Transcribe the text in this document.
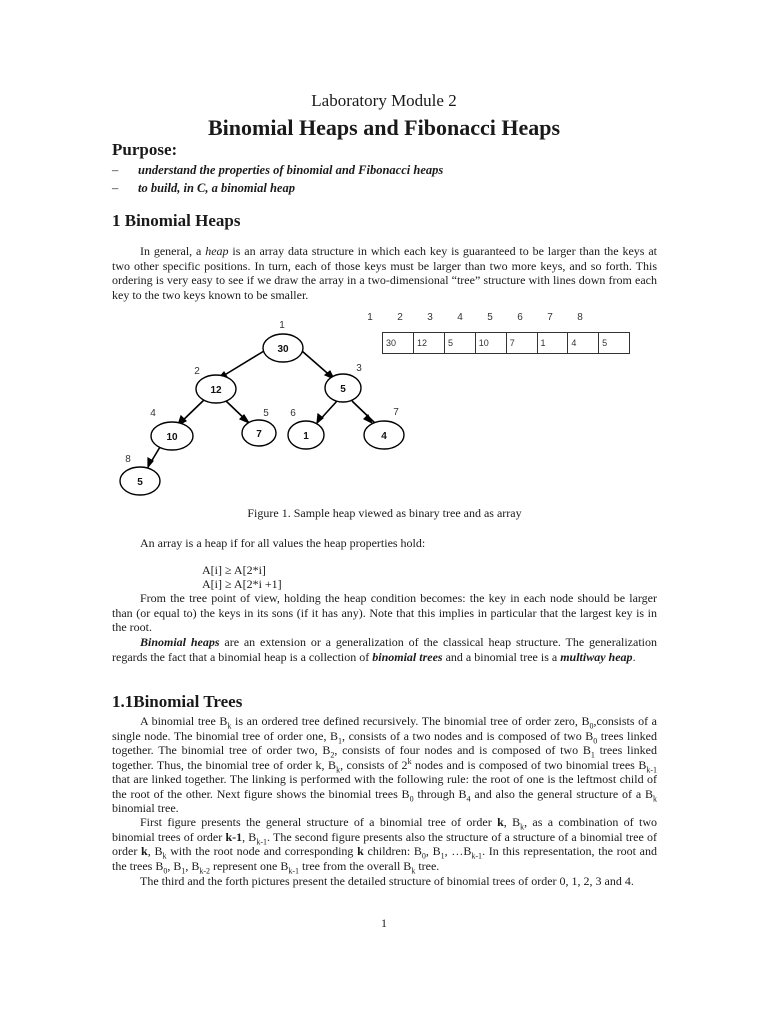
Laboratory Module 2
Binomial Heaps and Fibonacci Heaps
Purpose:
– understand the properties of binomial and Fibonacci heaps
– to build, in C, a binomial heap
1 Binomial Heaps
In general, a heap is an array data structure in which each key is guaranteed to be larger than the keys at two other specific positions. In turn, each of those keys must be larger than two more keys, and so forth. This ordering is very easy to see if we draw the array in a two-dimensional “tree” structure with lines down from each key to the two keys known to be smaller.
30
12	5
10	7	1	4
5
1
2	3
4	5 6	7
8
1	2	3	4	5	6	7	8
30	12	5	10	7	1	4	5
Figure 1. Sample heap viewed as binary tree and as array
An array is a heap if for all values the heap properties hold:
A[i] ≥ A[2*i]
A[i] ≥ A[2*i +1]
From the tree point of view, holding the heap condition becomes: the key in each node should be larger than (or equal to) the keys in its sons (if it has any). Note that this implies in particular that the largest key is in the root.
Binomial heaps are an extension or a generalization of the classical heap structure. The generalization regards the fact that a binomial heap is a collection of binomial trees and a binomial tree is a multiway heap.
1.1Binomial Trees
A binomial tree $B_k$ is an ordered tree defined recursively. The binomial tree of order zero, $B_0,consists$ of a single node. The binomial tree of order one, $B_1$, consists of a two nodes and is composed of two $B_0$ trees linked together. The binomial tree of order two, $B_2$, consists of four nodes and is composed of two $B_1$ trees linked together. Thus, the binomial tree of order k, $B_k$, consists of 2$^k$ nodes and is composed of two binomial trees $B_{k-1}$ that are linked together. The linking is performed with the following rule: the root of one is the leftmost child of the root of the other. Next figure shows the binomial trees $B_0$ through $B_4$ and also the general structure of a $B_k$ binomial tree.
First figure presents the general structure of a binomial tree of order k, $B_k$, as a combination of two binomial trees of order k-1, $B_{k-1}$. The second figure presents also the structure of a structure of a binomial tree of order k, $B_k$ with the root node and corresponding k children: $B_0$, $B_1$, $\dots B_{k-1}$. In this representation, the root and the trees $B_0$, $B_1$, $B_{k-2}$ represent one $B_{k-1}$ tree from the overall $B_k$ tree.
The third and the forth pictures present the detailed structure of binomial trees of order 0, 1, 2, 3 and 4.
1
